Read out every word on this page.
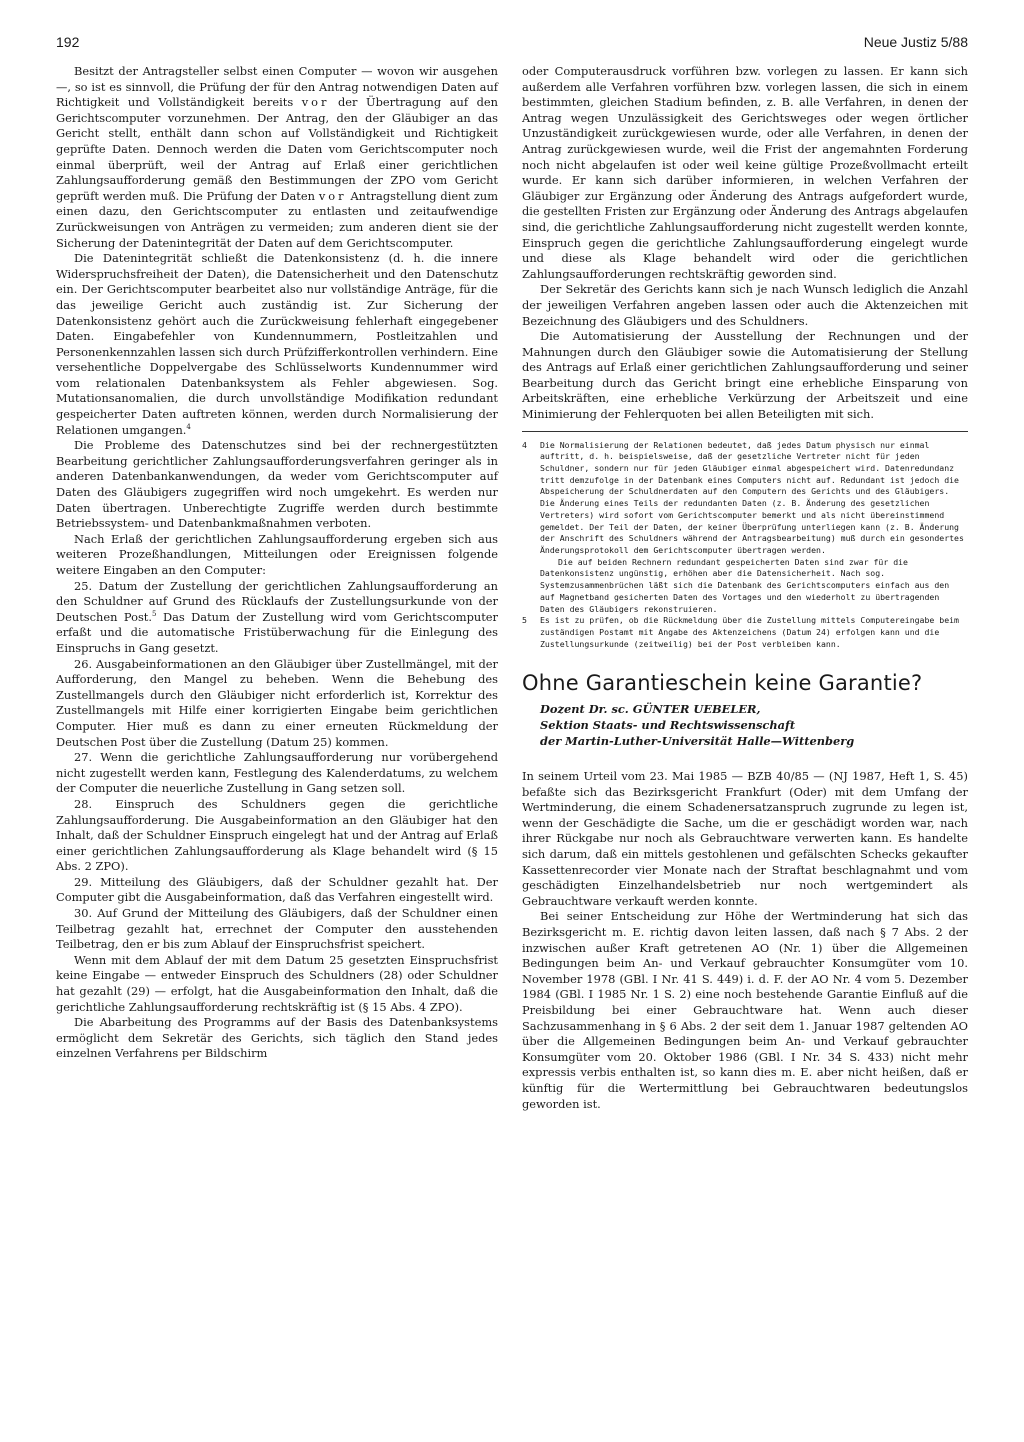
192	Neue Justiz 5/88

Besitzt der Antragsteller selbst einen Computer — wovon wir ausgehen —, so ist es sinnvoll, die Prüfung der für den Antrag notwendigen Daten auf Richtigkeit und Vollständigkeit bereits vor der Übertragung auf den Gerichtscomputer vorzunehmen. Der Antrag, den der Gläubiger an das Gericht stellt, enthält dann schon auf Vollständigkeit und Richtigkeit geprüfte Daten. Dennoch werden die Daten vom Gerichtscomputer noch einmal überprüft, weil der Antrag auf Erlaß einer gerichtlichen Zahlungsaufforderung gemäß den Bestimmungen der ZPO vom Gericht geprüft werden muß. Die Prüfung der Daten vor Antragstellung dient zum einen dazu, den Gerichtscomputer zu entlasten und zeitaufwendige Zurückweisungen von Anträgen zu vermeiden; zum anderen dient sie der Sicherung der Datenintegrität der Daten auf dem Gerichtscomputer.

Die Datenintegrität schließt die Datenkonsistenz (d. h. die innere Widerspruchsfreiheit der Daten), die Datensicherheit und den Datenschutz ein. Der Gerichtscomputer bearbeitet also nur vollständige Anträge, für die das jeweilige Gericht auch zuständig ist. Zur Sicherung der Datenkonsistenz gehört auch die Zurückweisung fehlerhaft eingegebener Daten. Eingabefehler von Kundennummern, Postleitzahlen und Personenkennzahlen lassen sich durch Prüfzifferkontrollen verhindern. Eine versehentliche Doppelvergabe des Schlüsselworts Kundennummer wird vom relationalen Datenbanksystem als Fehler abgewiesen. Sog. Mutationsanomalien, die durch unvollständige Modifikation redundant gespeicherter Daten auftreten können, werden durch Normalisierung der Relationen umgangen.$^4$

Die Probleme des Datenschutzes sind bei der rechnergestützten Bearbeitung gerichtlicher Zahlungsaufforderungsverfahren geringer als in anderen Datenbankanwendungen, da weder vom Gerichtscomputer auf Daten des Gläubigers zugegriffen wird noch umgekehrt. Es werden nur Daten übertragen. Unberechtigte Zugriffe werden durch bestimmte Betriebssystem- und Datenbankmaßnahmen verboten.

Nach Erlaß der gerichtlichen Zahlungsaufforderung ergeben sich aus weiteren Prozeßhandlungen, Mitteilungen oder Ereignissen folgende weitere Eingaben an den Computer:

25. Datum der Zustellung der gerichtlichen Zahlungsaufforderung an den Schuldner auf Grund des Rücklaufs der Zustellungsurkunde von der Deutschen Post.$^5$ Das Datum der Zustellung wird vom Gerichtscomputer erfaßt und die automatische Fristüberwachung für die Einlegung des Einspruchs in Gang gesetzt.

26. Ausgabeinformationen an den Gläubiger über Zustellmängel, mit der Aufforderung, den Mangel zu beheben. Wenn die Behebung des Zustellmangels durch den Gläubiger nicht erforderlich ist, Korrektur des Zustellmangels mit Hilfe einer korrigierten Eingabe beim gerichtlichen Computer. Hier muß es dann zu einer erneuten Rückmeldung der Deutschen Post über die Zustellung (Datum 25) kommen.

27. Wenn die gerichtliche Zahlungsaufforderung nur vorübergehend nicht zugestellt werden kann, Festlegung des Kalenderdatums, zu welchem der Computer die neuerliche Zustellung in Gang setzen soll.

28. Einspruch des Schuldners gegen die gerichtliche Zahlungsaufforderung. Die Ausgabeinformation an den Gläubiger hat den Inhalt, daß der Schuldner Einspruch eingelegt hat und der Antrag auf Erlaß einer gerichtlichen Zahlungsaufforderung als Klage behandelt wird (§ 15 Abs. 2 ZPO).

29. Mitteilung des Gläubigers, daß der Schuldner gezahlt hat. Der Computer gibt die Ausgabeinformation, daß das Verfahren eingestellt wird.

30. Auf Grund der Mitteilung des Gläubigers, daß der Schuldner einen Teilbetrag gezahlt hat, errechnet der Computer den ausstehenden Teilbetrag, den er bis zum Ablauf der Einspruchsfrist speichert.

Wenn mit dem Ablauf der mit dem Datum 25 gesetzten Einspruchsfrist keine Eingabe — entweder Einspruch des Schuldners (28) oder Schuldner hat gezahlt (29) — erfolgt, hat die Ausgabeinformation den Inhalt, daß die gerichtliche Zahlungsaufforderung rechtskräftig ist (§ 15 Abs. 4 ZPO).

Die Abarbeitung des Programms auf der Basis des Datenbanksystems ermöglicht dem Sekretär des Gerichts, sich täglich den Stand jedes einzelnen Verfahrens per Bildschirm

oder Computerausdruck vorführen bzw. vorlegen zu lassen. Er kann sich außerdem alle Verfahren vorführen bzw. vorlegen lassen, die sich in einem bestimmten, gleichen Stadium befinden, z. B. alle Verfahren, in denen der Antrag wegen Unzulässigkeit des Gerichtsweges oder wegen örtlicher Unzuständigkeit zurückgewiesen wurde, oder alle Verfahren, in denen der Antrag zurückgewiesen wurde, weil die Frist der angemahnten Forderung noch nicht abgelaufen ist oder weil keine gültige Prozeßvollmacht erteilt wurde. Er kann sich darüber informieren, in welchen Verfahren der Gläubiger zur Ergänzung oder Änderung des Antrags aufgefordert wurde, die gestellten Fristen zur Ergänzung oder Änderung des Antrags abgelaufen sind, die gerichtliche Zahlungsaufforderung nicht zugestellt werden konnte, Einspruch gegen die gerichtliche Zahlungsaufforderung eingelegt wurde und diese als Klage behandelt wird oder die gerichtlichen Zahlungsaufforderungen rechtskräftig geworden sind.

Der Sekretär des Gerichts kann sich je nach Wunsch lediglich die Anzahl der jeweiligen Verfahren angeben lassen oder auch die Aktenzeichen mit Bezeichnung des Gläubigers und des Schuldners.

Die Automatisierung der Ausstellung der Rechnungen und der Mahnungen durch den Gläubiger sowie die Automatisierung der Stellung des Antrags auf Erlaß einer gerichtlichen Zahlungsaufforderung und seiner Bearbeitung durch das Gericht bringt eine erhebliche Einsparung von Arbeitskräften, eine erhebliche Verkürzung der Arbeitszeit und eine Minimierung der Fehlerquoten bei allen Beteiligten mit sich.

4 Die Normalisierung der Relationen bedeutet, daß jedes Datum physisch nur einmal auftritt, d. h. beispielsweise, daß der gesetzliche Vertreter nicht für jeden Schuldner, sondern nur für jeden Gläubiger einmal abgespeichert wird. Datenredundanz tritt demzufolge in der Datenbank eines Computers nicht auf. Redundant ist jedoch die Abspeicherung der Schuldnerdaten auf den Computern des Gerichts und des Gläubigers. Die Änderung eines Teils der redundanten Daten (z. B. Änderung des gesetzlichen Vertreters) wird sofort vom Gerichtscomputer bemerkt und als nicht übereinstimmend gemeldet. Der Teil der Daten, der keiner Überprüfung unterliegen kann (z. B. Änderung der Anschrift des Schuldners während der Antragsbearbeitung) muß durch ein gesondertes Änderungsprotokoll dem Gerichtscomputer übertragen werden.

Die auf beiden Rechnern redundant gespeicherten Daten sind zwar für die Datenkonsistenz ungünstig, erhöhen aber die Datensicherheit. Nach sog. Systemzusammenbrüchen läßt sich die Datenbank des Gerichtscomputers einfach aus den auf Magnetband gesicherten Daten des Vortages und den wiederholt zu übertragenden Daten des Gläubigers rekonstruieren.

5 Es ist zu prüfen, ob die Rückmeldung über die Zustellung mittels Computereingabe beim zuständigen Postamt mit Angabe des Aktenzeichens (Datum 24) erfolgen kann und die Zustellungsurkunde (zeitweilig) bei der Post verbleiben kann.
Ohne Garantieschein keine Garantie?

Dozent Dr. sc. GÜNTER UEBELER,

Sektion Staats- und Rechtswissenschaft

der Martin-Luther-Universität Halle—Wittenberg

In seinem Urteil vom 23. Mai 1985 — BZB 40/85 — (NJ 1987, Heft 1, S. 45) befaßte sich das Bezirksgericht Frankfurt (Oder) mit dem Umfang der Wertminderung, die einem Schadenersatzanspruch zugrunde zu legen ist, wenn der Geschädigte die Sache, um die er geschädigt worden war, nach ihrer Rückgabe nur noch als Gebrauchtware verwerten kann. Es handelte sich darum, daß ein mittels gestohlenen und gefälschten Schecks gekaufter Kassettenrecorder vier Monate nach der Straftat beschlagnahmt und vom geschädigten Einzelhandelsbetrieb nur noch wertgemindert als Gebrauchtware verkauft werden konnte.

Bei seiner Entscheidung zur Höhe der Wertminderung hat sich das Bezirksgericht m. E. richtig davon leiten lassen, daß nach § 7 Abs. 2 der inzwischen außer Kraft getretenen AO (Nr. 1) über die Allgemeinen Bedingungen beim An- und Verkauf gebrauchter Konsumgüter vom 10. November 1978 (GBl. I Nr. 41 S. 449) i. d. F. der AO Nr. 4 vom 5. Dezember 1984 (GBl. I 1985 Nr. 1 S. 2) eine noch bestehende Garantie Einfluß auf die Preisbildung bei einer Gebrauchtware hat. Wenn auch dieser Sachzusammenhang in § 6 Abs. 2 der seit dem 1. Januar 1987 geltenden AO über die Allgemeinen Bedingungen beim An- und Verkauf gebrauchter Konsumgüter vom 20. Oktober 1986 (GBl. I Nr. 34 S. 433) nicht mehr expressis verbis enthalten ist, so kann dies m. E. aber nicht heißen, daß er künftig für die Wertermittlung bei Gebrauchtwaren bedeutungslos geworden ist.
